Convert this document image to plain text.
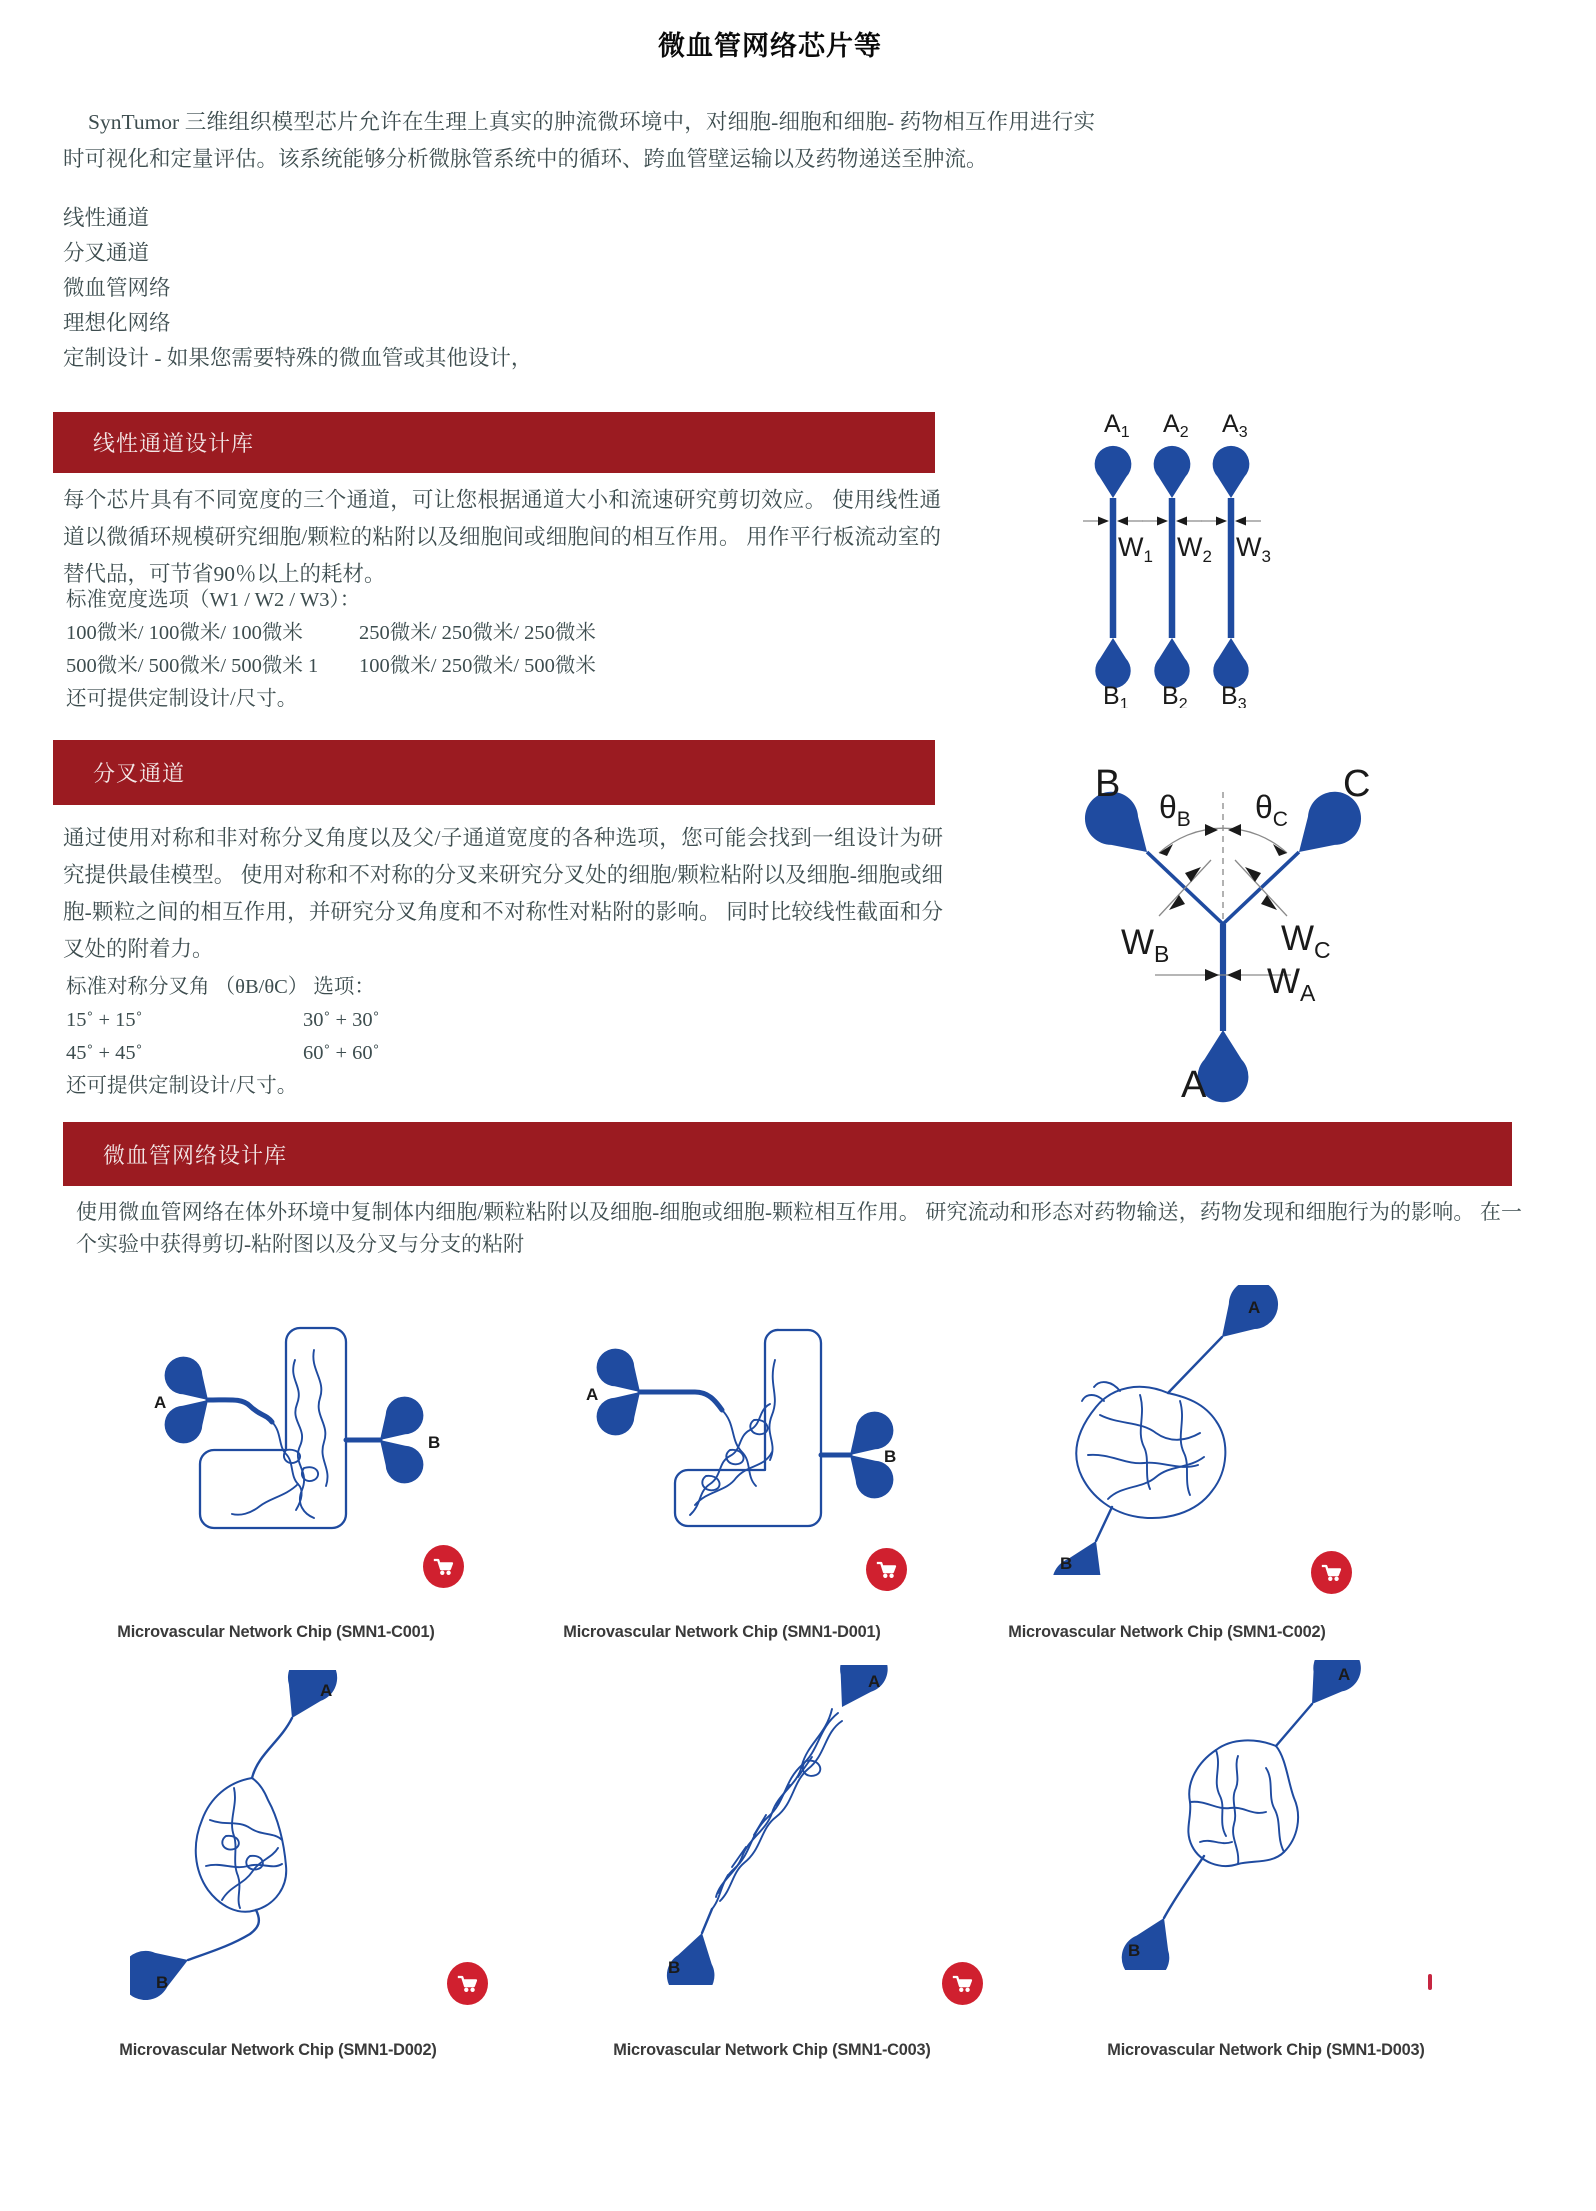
微血管网络芯片等
SynTumor 三维组织模型芯片允许在生理上真实的肿流微环境中，对细胞-细胞和细胞- 药物相互作用进行实时可视化和定量评估。该系统能够分析微脉管系统中的循环、跨血管壁运输以及药物递送至肿流。
线性通道
分叉通道
微血管网络
理想化网络
定制设计 - 如果您需要特殊的微血管或其他设计，
线性通道设计库
每个芯片具有不同宽度的三个通道，可让您根据通道大小和流速研究剪切效应。 使用线性通道以微循环规模研究细胞/颗粒的粘附以及细胞间或细胞间的相互作用。 用作平行板流动室的替代品，可节省90％以上的耗材。
标准宽度选项（W1 / W2 / W3）：
100微米/ 100微米/ 100微米	250微米/ 250微米/ 250微米
500微米/ 500微米/ 500微米 1	100微米/ 250微米/ 500微米
还可提供定制设计/尺寸。
$A_1$ $A_2$ $A_3$
$W_1$ $W_2$ $W_3$
$B_1$ $B_2$ $B_3$
分叉通道
通过使用对称和非对称分叉角度以及父/子通道宽度的各种选项，您可能会找到一组设计为研究提供最佳模型。 使用对称和不对称的分叉来研究分叉处的细胞/颗粒粘附以及细胞-细胞或细胞-颗粒之间的相互作用，并研究分叉角度和不对称性对粘附的影响。 同时比较线性截面和分叉处的附着力。
标准对称分叉角 （θB/θC） 选项：
15˚ + 15˚	30˚ + 30˚
45˚ + 45˚	60˚ + 60˚
还可提供定制设计/尺寸。
B	C
$\theta_B$ $\theta_C$
$W_B$	$W_C$
$W_A$
A
微血管网络设计库
使用微血管网络在体外环境中复制体内细胞/颗粒粘附以及细胞-细胞或细胞-颗粒相互作用。 研究流动和形态对药物输送，药物发现和细胞行为的影响。 在一个实验中获得剪切-粘附图以及分叉与分支的粘附
A
B
Microvascular Network Chip (SMN1-C001)
A
B
Microvascular Network Chip (SMN1-D001)
A
B
Microvascular Network Chip (SMN1-C002)
A
B
Microvascular Network Chip (SMN1-D002)
A
B
Microvascular Network Chip (SMN1-C003)
A
B
Microvascular Network Chip (SMN1-D003)
